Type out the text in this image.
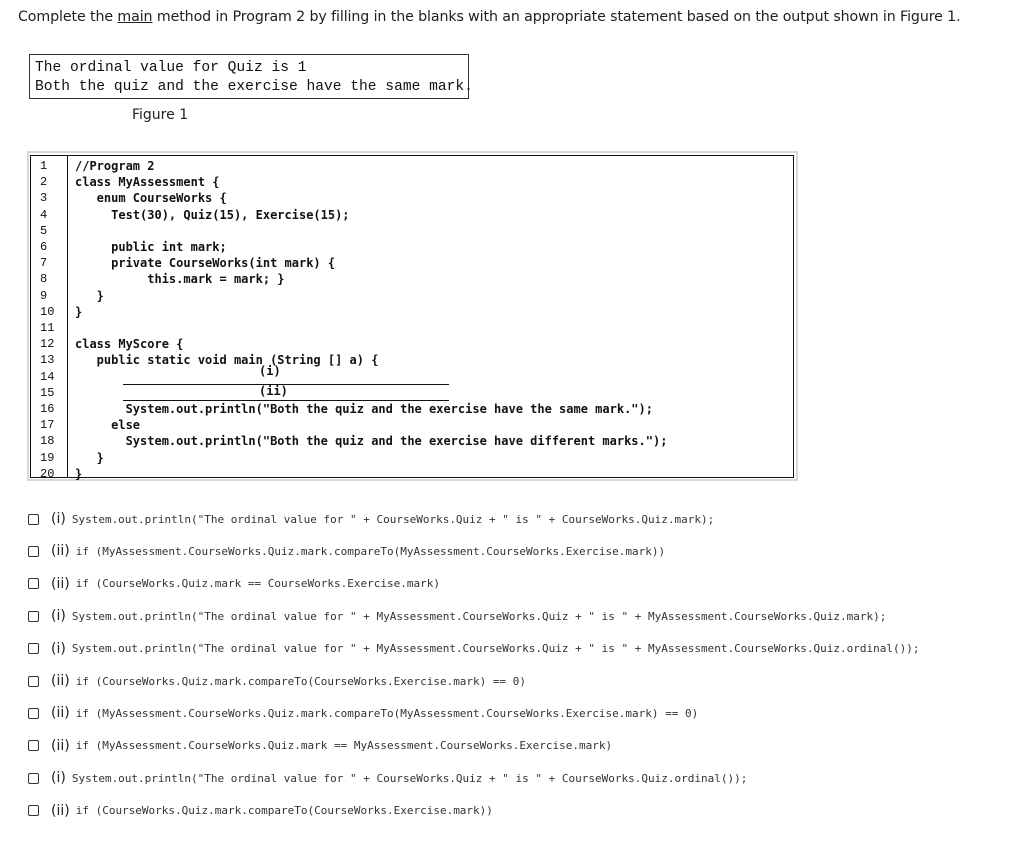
Complete the main method in Program 2 by filling in the blanks with an appropriate statement based on the output shown in Figure 1.
The ordinal value for Quiz is 1
Both the quiz and the exercise have the same mark.
Figure 1
1
2
3
4
5
6
7
8
9
10
11
12
13
14
15
16
17
18
19
20
//Program 2
class MyAssessment {
enum CourseWorks {
Test(30), Quiz(15), Exercise(15);
public int mark;
private CourseWorks(int mark) {
this.mark = mark; }
}
}
class MyScore {
public static void main (String [] a) {
System.out.println("Both the quiz and the exercise have the same mark.");
else
System.out.println("Both the quiz and the exercise have different marks.");
}
}
(i)
(ii)
(i) System.out.println("The ordinal value for " + CourseWorks.Quiz + " is " + CourseWorks.Quiz.mark);
(ii) if (MyAssessment.CourseWorks.Quiz.mark.compareTo(MyAssessment.CourseWorks.Exercise.mark))
(ii) if (CourseWorks.Quiz.mark == CourseWorks.Exercise.mark)
(i) System.out.println("The ordinal value for " + MyAssessment.CourseWorks.Quiz + " is " + MyAssessment.CourseWorks.Quiz.mark);
(i) System.out.println("The ordinal value for " + MyAssessment.CourseWorks.Quiz + " is " + MyAssessment.CourseWorks.Quiz.ordinal());
(ii) if (CourseWorks.Quiz.mark.compareTo(CourseWorks.Exercise.mark) == 0)
(ii) if (MyAssessment.CourseWorks.Quiz.mark.compareTo(MyAssessment.CourseWorks.Exercise.mark) == 0)
(ii) if (MyAssessment.CourseWorks.Quiz.mark == MyAssessment.CourseWorks.Exercise.mark)
(i) System.out.println("The ordinal value for " + CourseWorks.Quiz + " is " + CourseWorks.Quiz.ordinal());
(ii) if (CourseWorks.Quiz.mark.compareTo(CourseWorks.Exercise.mark))
